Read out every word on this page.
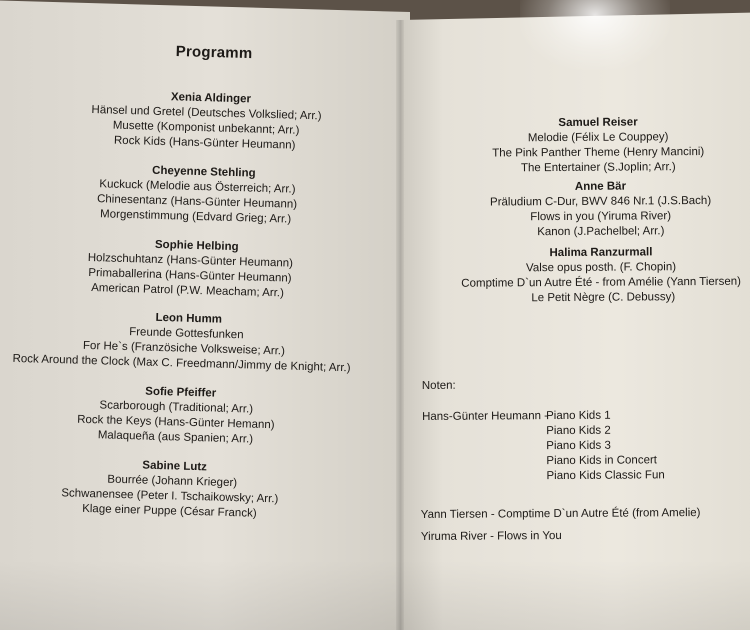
Programm
Xenia Aldinger
Hänsel und Gretel (Deutsches Volkslied; Arr.)
Musette (Komponist unbekannt; Arr.)
Rock Kids (Hans-Günter Heumann)
Cheyenne Stehling
Kuckuck (Melodie aus Österreich; Arr.)
Chinesentanz (Hans-Günter Heumann)
Morgenstimmung (Edvard Grieg; Arr.)
Sophie Helbing
Holzschuhtanz (Hans-Günter Heumann)
Primaballerina (Hans-Günter Heumann)
American Patrol (P.W. Meacham; Arr.)
Leon Humm
Freunde Gottesfunken
For He`s (Französiche Volksweise; Arr.)
Rock Around the Clock (Max C. Freedmann/Jimmy de Knight; Arr.)
Sofie Pfeiffer
Scarborough (Traditional; Arr.)
Rock the Keys (Hans-Günter Hemann)
Malaqueña (aus Spanien; Arr.)
Sabine Lutz
Bourrée (Johann Krieger)
Schwanensee (Peter I. Tschaikowsky; Arr.)
Klage einer Puppe (César Franck)
Samuel Reiser
Melodie (Félix Le Couppey)
The Pink Panther Theme (Henry Mancini)
The Entertainer (S.Joplin; Arr.)
Anne Bär
Präludium C-Dur, BWV 846 Nr.1 (J.S.Bach)
Flows in you (Yiruma River)
Kanon (J.Pachelbel; Arr.)
Halima Ranzurmall
Valse opus posth. (F. Chopin)
Comptime D`un Autre Été - from Amélie (Yann Tiersen)
Le Petit Nègre (C. Debussy)
Noten:
Hans-Günter Heumann -
Piano Kids 1
Piano Kids 2
Piano Kids 3
Piano Kids in Concert
Piano Kids Classic Fun
Yann Tiersen - Comptime D`un Autre Été (from Amelie)
Yiruma River - Flows in You
